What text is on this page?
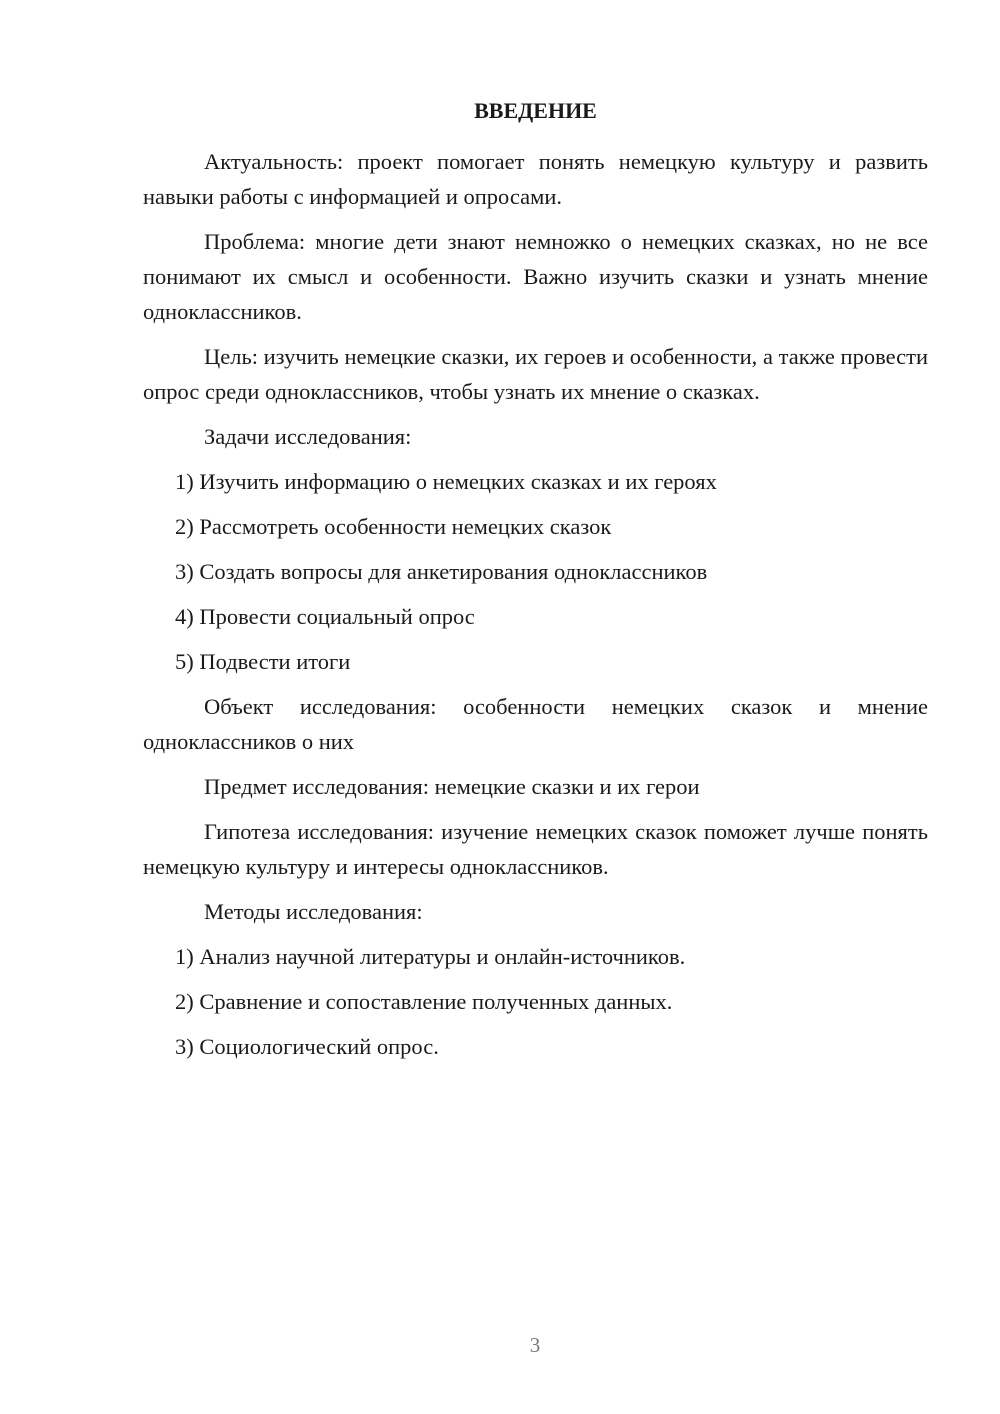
ВВЕДЕНИЕ

Актуальность: проект помогает понять немецкую культуру и развить навыки работы с информацией и опросами.

Проблема: многие дети знают немножко о немецких сказках, но не все понимают их смысл и особенности. Важно изучить сказки и узнать мнение одноклассников.

Цель: изучить немецкие сказки, их героев и особенности, а также провести опрос среди одноклассников, чтобы узнать их мнение о сказках.

Задачи исследования:

1) Изучить информацию о немецких сказках и их героях

2) Рассмотреть особенности немецких сказок

3) Создать вопросы для анкетирования одноклассников

4) Провести социальный опрос

5) Подвести итоги

Объект исследования: особенности немецких сказок и мнение одноклассников о них

Предмет исследования: немецкие сказки и их герои

Гипотеза исследования: изучение немецких сказок поможет лучше понять немецкую культуру и интересы одноклассников.

Методы исследования:

1) Анализ научной литературы и онлайн-источников.

2) Сравнение и сопоставление полученных данных.

3) Социологический опрос.

3
